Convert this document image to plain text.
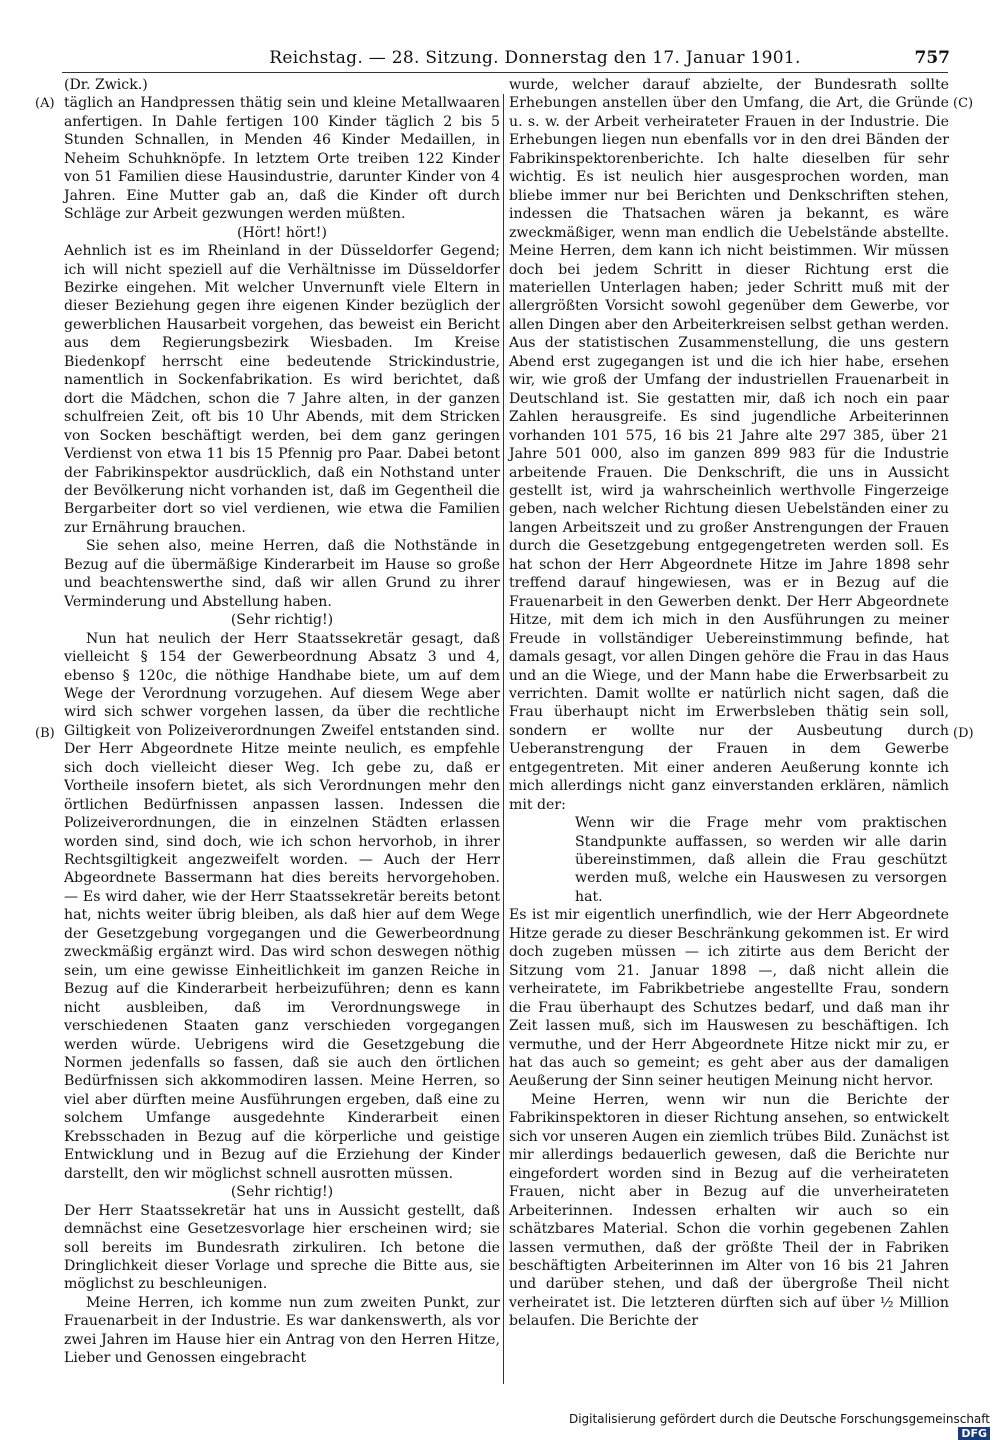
Reichstag. — 28. Sitzung. Donnerstag den 17. Januar 1901.	757
(A)
(B)
(C)
(D)

(Dr. Zwick.)

täglich an Handpressen thätig sein und kleine Metallwaaren anfertigen. In Dahle fertigen 100 Kinder täglich 2 bis 5 Stunden Schnallen, in Menden 46 Kinder Medaillen, in Neheim Schuhknöpfe. In letztem Orte treiben 122 Kinder von 51 Familien diese Hausindustrie, darunter Kinder von 4 Jahren. Eine Mutter gab an, daß die Kinder oft durch Schläge zur Arbeit gezwungen werden müßten.

(Hört! hört!)

Aehnlich ist es im Rheinland in der Düsseldorfer Gegend; ich will nicht speziell auf die Verhältnisse im Düsseldorfer Bezirke eingehen. Mit welcher Unvernunft viele Eltern in dieser Beziehung gegen ihre eigenen Kinder bezüglich der gewerblichen Hausarbeit vorgehen, das beweist ein Bericht aus dem Regierungsbezirk Wiesbaden. Im Kreise Biedenkopf herrscht eine bedeutende Strickindustrie, namentlich in Sockenfabrikation. Es wird berichtet, daß dort die Mädchen, schon die 7 Jahre alten, in der ganzen schulfreien Zeit, oft bis 10 Uhr Abends, mit dem Stricken von Socken beschäftigt werden, bei dem ganz geringen Verdienst von etwa 11 bis 15 Pfennig pro Paar. Dabei betont der Fabrikinspektor ausdrücklich, daß ein Nothstand unter der Bevölkerung nicht vorhanden ist, daß im Gegentheil die Bergarbeiter dort so viel verdienen, wie etwa die Familien zur Ernährung brauchen.

Sie sehen also, meine Herren, daß die Nothstände in Bezug auf die übermäßige Kinderarbeit im Hause so große und beachtenswerthe sind, daß wir allen Grund zu ihrer Verminderung und Abstellung haben.

(Sehr richtig!)

Nun hat neulich der Herr Staatssekretär gesagt, daß vielleicht § 154 der Gewerbeordnung Absatz 3 und 4, ebenso § 120c, die nöthige Handhabe biete, um auf dem Wege der Verordnung vorzugehen. Auf diesem Wege aber wird sich schwer vorgehen lassen, da über die rechtliche Giltigkeit von Polizeiverordnungen Zweifel entstanden sind. Der Herr Abgeordnete Hitze meinte neulich, es empfehle sich doch vielleicht dieser Weg. Ich gebe zu, daß er Vortheile insofern bietet, als sich Verordnungen mehr den örtlichen Bedürfnissen anpassen lassen. Indessen die Polizeiverordnungen, die in einzelnen Städten erlassen worden sind, sind doch, wie ich schon hervorhob, in ihrer Rechtsgiltigkeit angezweifelt worden. — Auch der Herr Abgeordnete Bassermann hat dies bereits hervorgehoben. — Es wird daher, wie der Herr Staatssekretär bereits betont hat, nichts weiter übrig bleiben, als daß hier auf dem Wege der Gesetzgebung vorgegangen und die Gewerbeordnung zweckmäßig ergänzt wird. Das wird schon deswegen nöthig sein, um eine gewisse Einheitlichkeit im ganzen Reiche in Bezug auf die Kinderarbeit herbeizuführen; denn es kann nicht ausbleiben, daß im Verordnungswege in verschiedenen Staaten ganz verschieden vorgegangen werden würde. Uebrigens wird die Gesetzgebung die Normen jedenfalls so fassen, daß sie auch den örtlichen Bedürfnissen sich akkommodiren lassen. Meine Herren, so viel aber dürften meine Ausführungen ergeben, daß eine zu solchem Umfange ausgedehnte Kinderarbeit einen Krebsschaden in Bezug auf die körperliche und geistige Entwicklung und in Bezug auf die Erziehung der Kinder darstellt, den wir möglichst schnell ausrotten müssen.

(Sehr richtig!)

Der Herr Staatssekretär hat uns in Aussicht gestellt, daß demnächst eine Gesetzesvorlage hier erscheinen wird; sie soll bereits im Bundesrath zirkuliren. Ich betone die Dringlichkeit dieser Vorlage und spreche die Bitte aus, sie möglichst zu beschleunigen.

Meine Herren, ich komme nun zum zweiten Punkt, zur Frauenarbeit in der Industrie. Es war dankenswerth, als vor zwei Jahren im Hause hier ein Antrag von den Herren Hitze, Lieber und Genossen eingebracht

wurde, welcher darauf abzielte, der Bundesrath sollte Erhebungen anstellen über den Umfang, die Art, die Gründe u. s. w. der Arbeit verheirateter Frauen in der Industrie. Die Erhebungen liegen nun ebenfalls vor in den drei Bänden der Fabrikinspektorenberichte. Ich halte dieselben für sehr wichtig. Es ist neulich hier ausgesprochen worden, man bliebe immer nur bei Berichten und Denkschriften stehen, indessen die Thatsachen wären ja bekannt, es wäre zweckmäßiger, wenn man endlich die Uebelstände abstellte. Meine Herren, dem kann ich nicht beistimmen. Wir müssen doch bei jedem Schritt in dieser Richtung erst die materiellen Unterlagen haben; jeder Schritt muß mit der allergrößten Vorsicht sowohl gegenüber dem Gewerbe, vor allen Dingen aber den Arbeiterkreisen selbst gethan werden. Aus der statistischen Zusammenstellung, die uns gestern Abend erst zugegangen ist und die ich hier habe, ersehen wir, wie groß der Umfang der industriellen Frauenarbeit in Deutschland ist. Sie gestatten mir, daß ich noch ein paar Zahlen herausgreife. Es sind jugendliche Arbeiterinnen vorhanden 101 575, 16 bis 21 Jahre alte 297 385, über 21 Jahre 501 000, also im ganzen 899 983 für die Industrie arbeitende Frauen. Die Denkschrift, die uns in Aussicht gestellt ist, wird ja wahrscheinlich werthvolle Fingerzeige geben, nach welcher Richtung diesen Uebelständen einer zu langen Arbeitszeit und zu großer Anstrengungen der Frauen durch die Gesetzgebung entgegengetreten werden soll. Es hat schon der Herr Abgeordnete Hitze im Jahre 1898 sehr treffend darauf hingewiesen, was er in Bezug auf die Frauenarbeit in den Gewerben denkt. Der Herr Abgeordnete Hitze, mit dem ich mich in den Ausführungen zu meiner Freude in vollständiger Uebereinstimmung befinde, hat damals gesagt, vor allen Dingen gehöre die Frau in das Haus und an die Wiege, und der Mann habe die Erwerbsarbeit zu verrichten. Damit wollte er natürlich nicht sagen, daß die Frau überhaupt nicht im Erwerbsleben thätig sein soll, sondern er wollte nur der Ausbeutung durch Ueberanstrengung der Frauen in dem Gewerbe entgegentreten. Mit einer anderen Aeußerung konnte ich mich allerdings nicht ganz einverstanden erklären, nämlich mit der:

Wenn wir die Frage mehr vom praktischen Standpunkte auffassen, so werden wir alle darin übereinstimmen, daß allein die Frau geschützt werden muß, welche ein Hauswesen zu versorgen hat.

Es ist mir eigentlich unerfindlich, wie der Herr Abgeordnete Hitze gerade zu dieser Beschränkung gekommen ist. Er wird doch zugeben müssen — ich zitirte aus dem Bericht der Sitzung vom 21. Januar 1898 —, daß nicht allein die verheiratete, im Fabrikbetriebe angestellte Frau, sondern die Frau überhaupt des Schutzes bedarf, und daß man ihr Zeit lassen muß, sich im Hauswesen zu beschäftigen. Ich vermuthe, und der Herr Abgeordnete Hitze nickt mir zu, er hat das auch so gemeint; es geht aber aus der damaligen Aeußerung der Sinn seiner heutigen Meinung nicht hervor.

Meine Herren, wenn wir nun die Berichte der Fabrikinspektoren in dieser Richtung ansehen, so entwickelt sich vor unseren Augen ein ziemlich trübes Bild. Zunächst ist mir allerdings bedauerlich gewesen, daß die Berichte nur eingefordert worden sind in Bezug auf die verheirateten Frauen, nicht aber in Bezug auf die unverheirateten Arbeiterinnen. Indessen erhalten wir auch so ein schätzbares Material. Schon die vorhin gegebenen Zahlen lassen vermuthen, daß der größte Theil der in Fabriken beschäftigten Arbeiterinnen im Alter von 16 bis 21 Jahren und darüber stehen, und daß der übergroße Theil nicht verheiratet ist. Die letzteren dürften sich auf über ½ Million belaufen. Die Berichte der

Digitalisierung gefördert durch die Deutsche Forschungsgemeinschaft DFG
